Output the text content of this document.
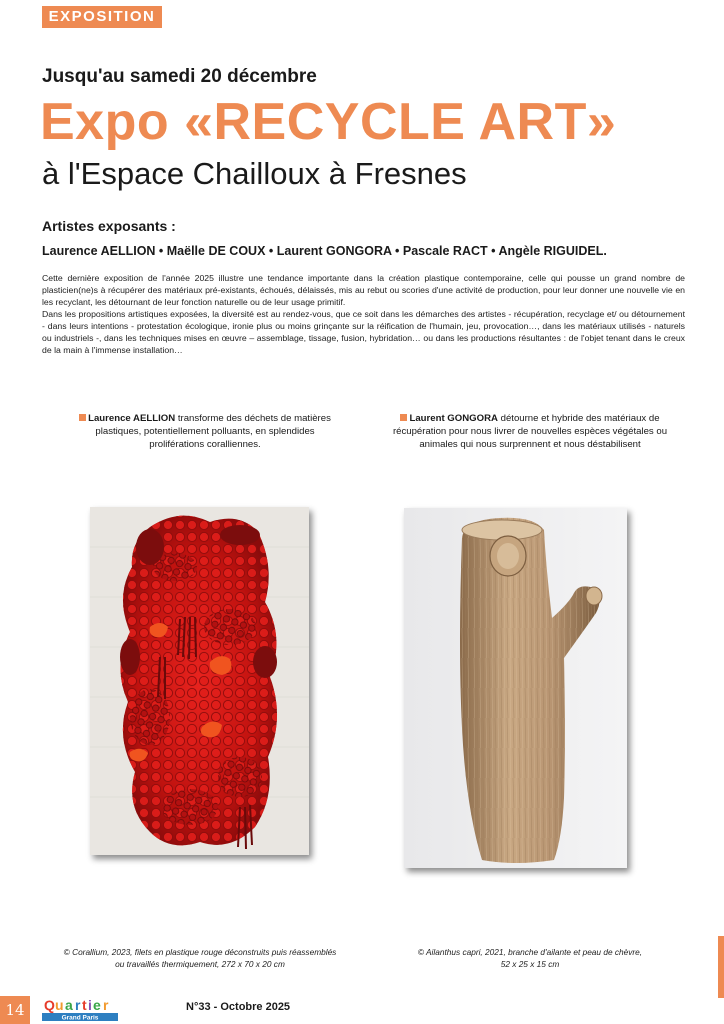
EXPOSITION
Jusqu'au samedi 20 décembre
Expo «RECYCLE ART»
à l'Espace Chailloux à Fresnes
Artistes exposants :
Laurence AELLION • Maëlle DE COUX • Laurent GONGORA • Pascale RACT • Angèle RIGUIDEL.

Cette dernière exposition de l'année 2025 illustre une tendance importante dans la création plastique contemporaine, celle qui pousse un grand nombre de plasticien(ne)s à récupérer des matériaux pré-existants, échoués, délaissés, mis au rebut ou scories d'une activité de production, pour leur donner une nouvelle vie en les recyclant, les détournant de leur fonction naturelle ou de leur usage primitif.

Dans les propositions artistiques exposées, la diversité est au rendez-vous, que ce soit dans les démarches des artistes - récupération, recyclage et/ ou détournement - dans leurs intentions - protestation écologique, ironie plus ou moins grinçante sur la réification de l'humain, jeu, provocation…, dans les matériaux utilisés - naturels ou industriels -, dans les techniques mises en œuvre – assemblage, tissage, fusion, hybridation… ou dans les productions résultantes : de l'objet tenant dans le creux de la main à l'immense installation…

Laurence AELLION transforme des déchets de matières plastiques, potentiellement polluants, en splendides proliférations coralliennes.
Laurent GONGORA détourne et hybride des matériaux de récupération pour nous livrer de nouvelles espèces végétales ou animales qui nous surprennent et nous déstabilisent
© Corallium, 2023, filets en plastique rouge déconstruits puis réassemblés
ou travaillés thermiquement, 272 x 70 x 20 cm
© Ailanthus capri, 2021, branche d'ailante et peau de chèvre,
52 x 25 x 15 cm
14	Q u a r t i e r
Grand Paris
N°33 - Octobre 2025
